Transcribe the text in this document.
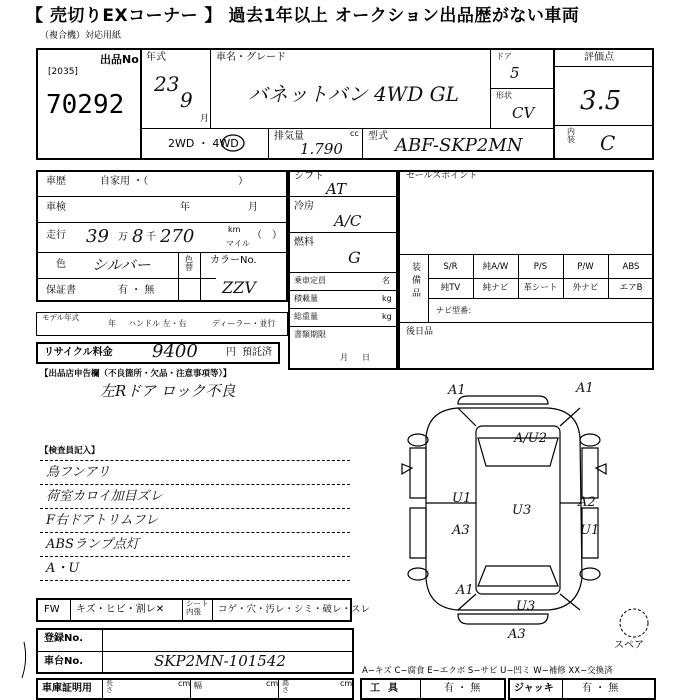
【 売切りEXコーナー 】 過去1年以上 オークション出品歴がない車両
（複合機）対応用紙
出品No.
[2035]
70292
年式
23
9
月
車名・グレード
バネットバン 4WD GL
ドア
5
形状
CV
評価点
3.5
内装 C
2WD ・ 4WD
排気量	cc
1.790
型式 ABF-SKP2MN
車歴	自家用 ・（　　　　　　　　　）
車検	年	月
走行 39 万 8 千 270	km
マイル
（　）
色 シルバー	色替
カラーNo.
ZZV
保証書	有 ・ 無
モデル年式
年 ハンドル 左・右	ディーラー・並行
リサイクル料金 9400	円 預託済
【出品店申告欄（不良箇所・欠品・注意事項等）】
左Rドア ロック不良
シフト
AT
冷房
A/C
燃料
G
乗車定員	名
積載量	kg
総重量	kg
書類期限
月日
セールスポイント
装備品
S/R	純A/W	P/S	P/W	ABS
純TV	純ナビ	革シート	外ナビ	エアB
ナビ型番：
後日品
【検査員記入】
鳥フンアリ
荷室カロイ加目ズレ
F右ドアトリムフレ
ABSランプ点灯
A・U
FW キズ・ヒビ・割レ✕
シート内張	コゲ・穴・汚レ・シミ・破レ・スレ
登録No.
車台No.	SKP2MN-101542
A−キズ C−腐食 E−エクボ S−サビ U−凹ミ W−補修 XX−交換済
車庫証明用 長さ
cm 幅	cm 高さ
cm 工具	有 ・ 無	ジャッキ	有 ・ 無
スペア
A1	A1
A/U2
U1
U3
A2
A3	U1
A1
U3
A3
